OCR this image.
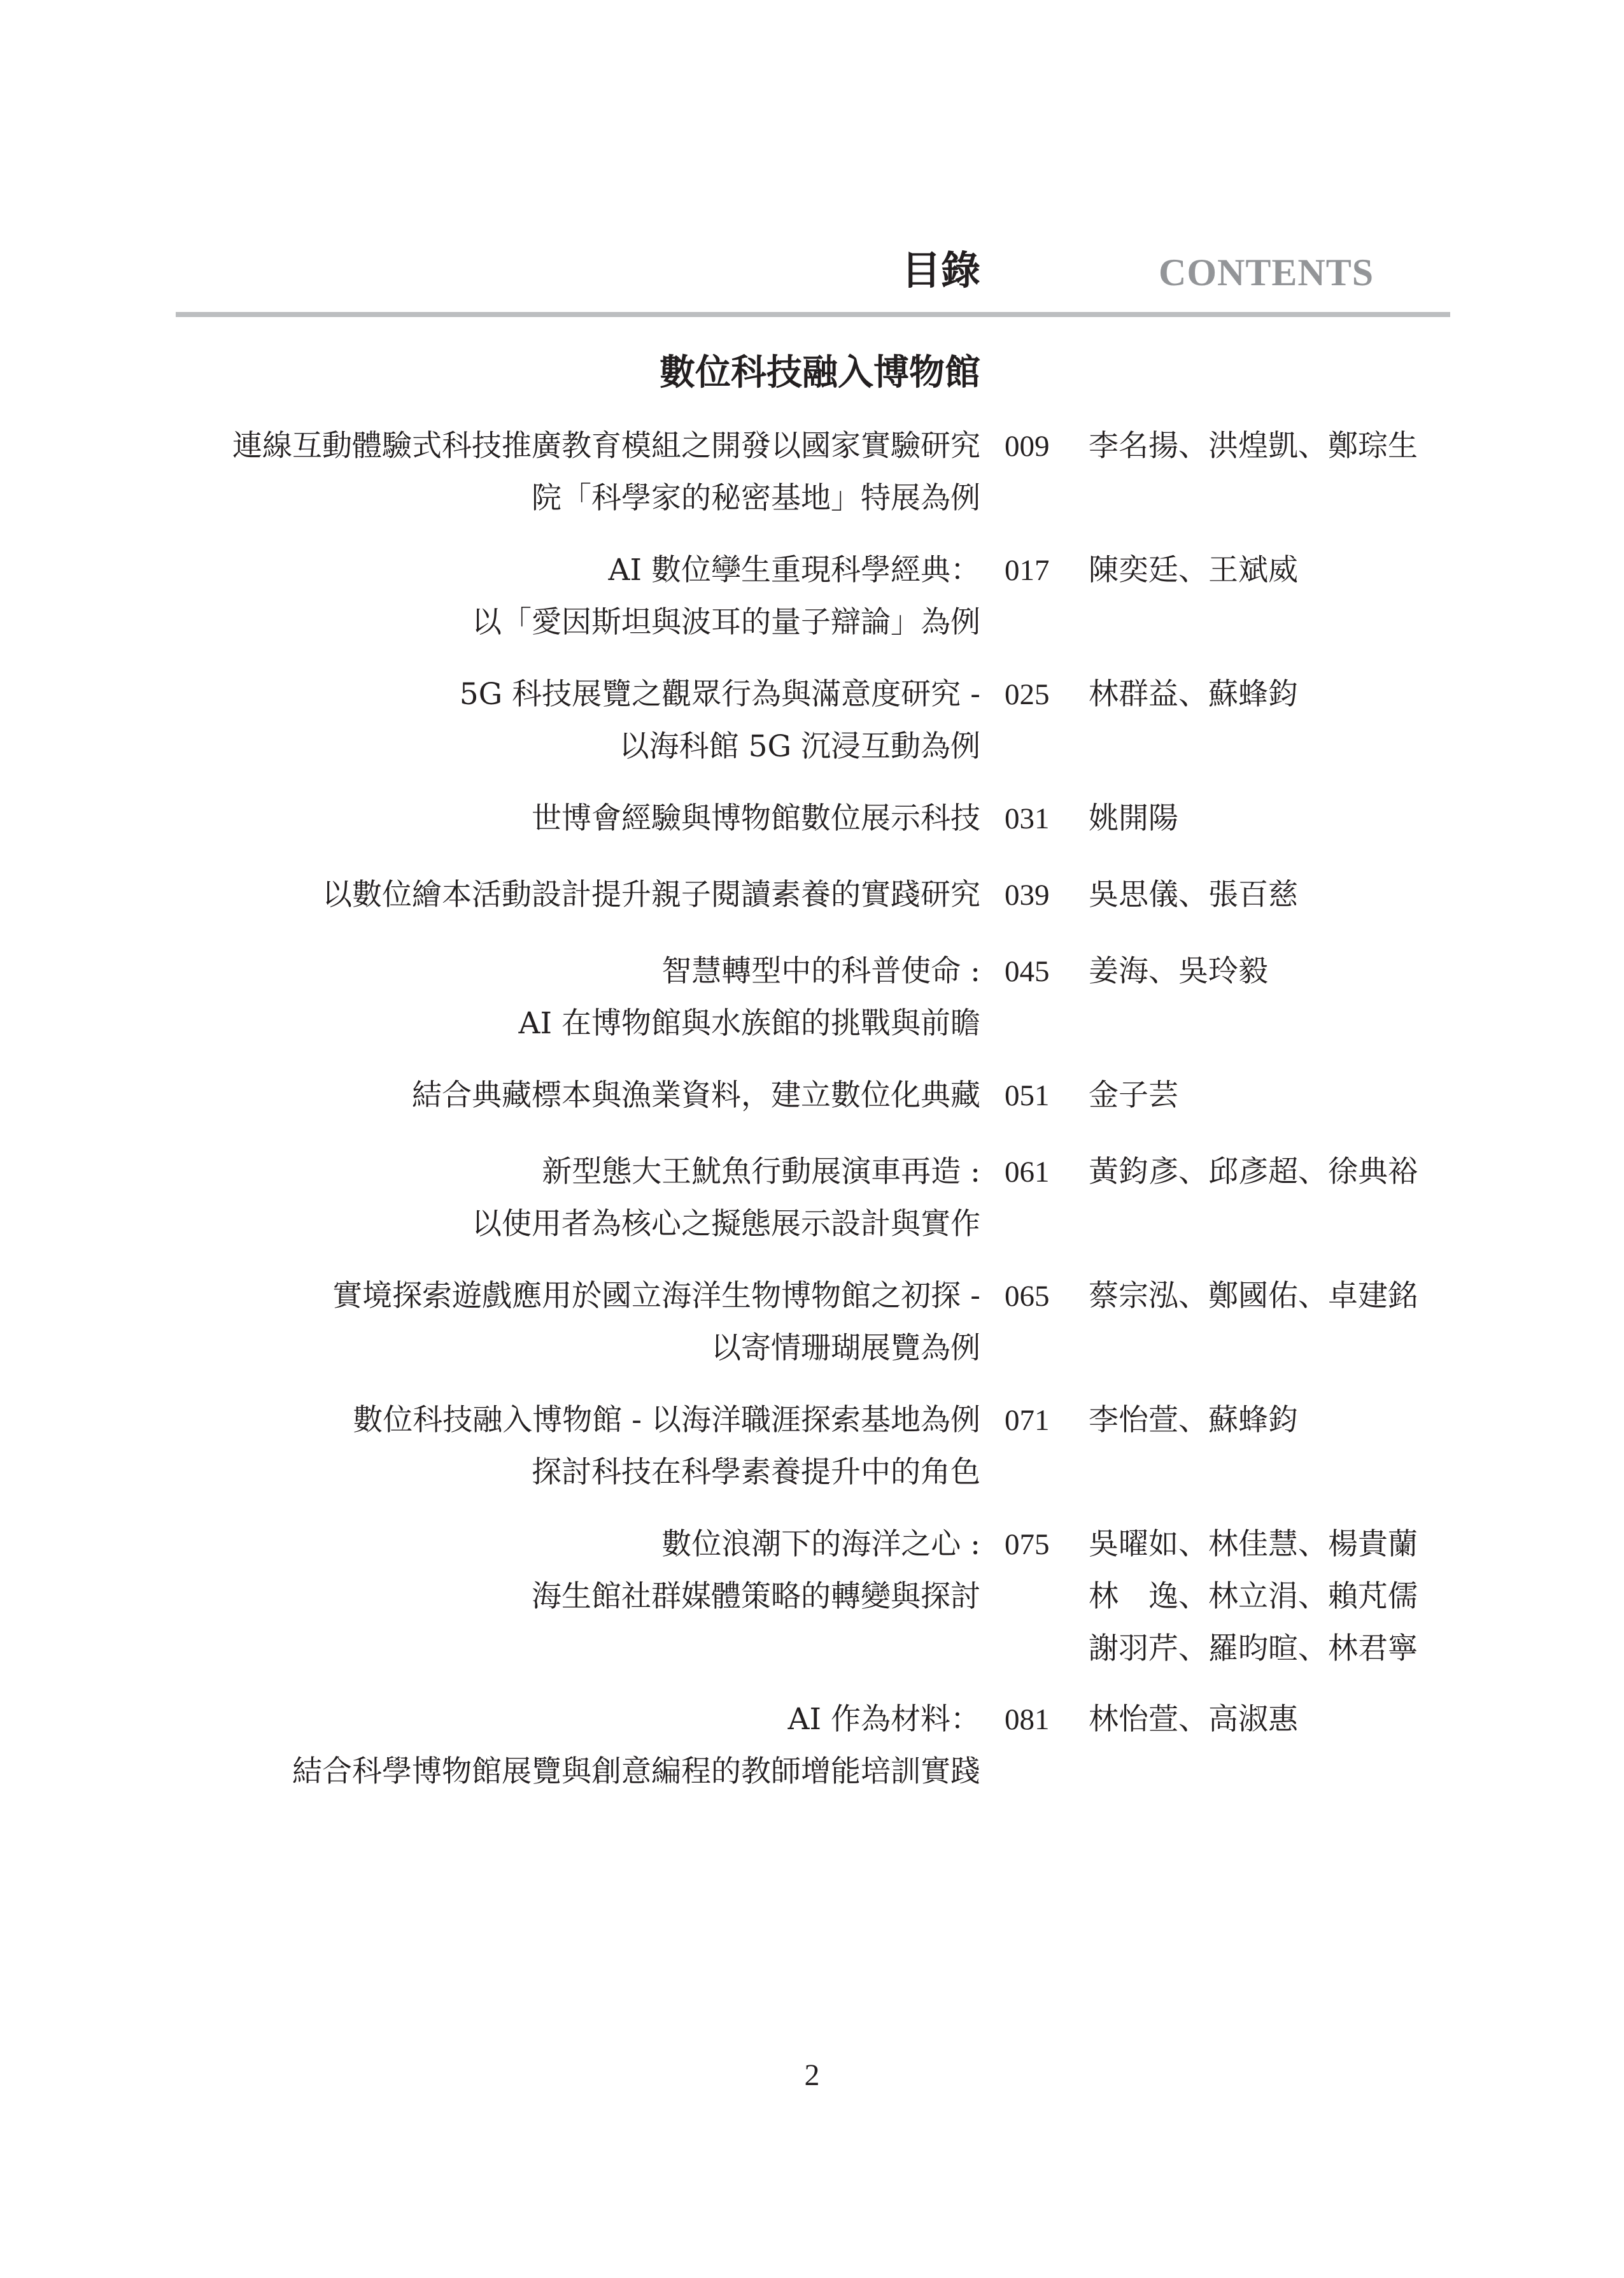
目錄	CONTENTS
數位科技融入博物館
連線互動體驗式科技推廣教育模組之開發以國家實驗研究
院「科學家的秘密基地」特展為例
009	李名揚、洪煌凱、鄭琮生
AI 數位孿生重現科學經典：
以「愛因斯坦與波耳的量子辯論」為例
017	陳奕廷、王斌威
5G 科技展覽之觀眾行為與滿意度研究 -
以海科館 5G 沉浸互動為例
025	林群益、蘇蜂鈞
世博會經驗與博物館數位展示科技 031	姚開陽
以數位繪本活動設計提升親子閱讀素養的實踐研究 039	吳思儀、張百慈
智慧轉型中的科普使命 :
AI 在博物館與水族館的挑戰與前瞻
045	姜海、吳玲毅
結合典藏標本與漁業資料，建立數位化典藏 051	金子芸
新型態大王魷魚行動展演車再造 :
以使用者為核心之擬態展示設計與實作
061	黃鈞彥、邱彥超、徐典裕
實境探索遊戲應用於國立海洋生物博物館之初探 -
以寄情珊瑚展覽為例
065	蔡宗泓、鄭國佑、卓建銘
數位科技融入博物館 - 以海洋職涯探索基地為例
探討科技在科學素養提升中的角色
071	李怡萱、蘇蜂鈞
數位浪潮下的海洋之心 :
海生館社群媒體策略的轉變與探討
075	吳曜如、林佳慧、楊貴蘭
林　逸、林立涓、賴芃儒
謝羽芹、羅昀暄、林君寧
AI 作為材料：
結合科學博物館展覽與創意編程的教師增能培訓實踐
081	林怡萱、高淑惠
2
